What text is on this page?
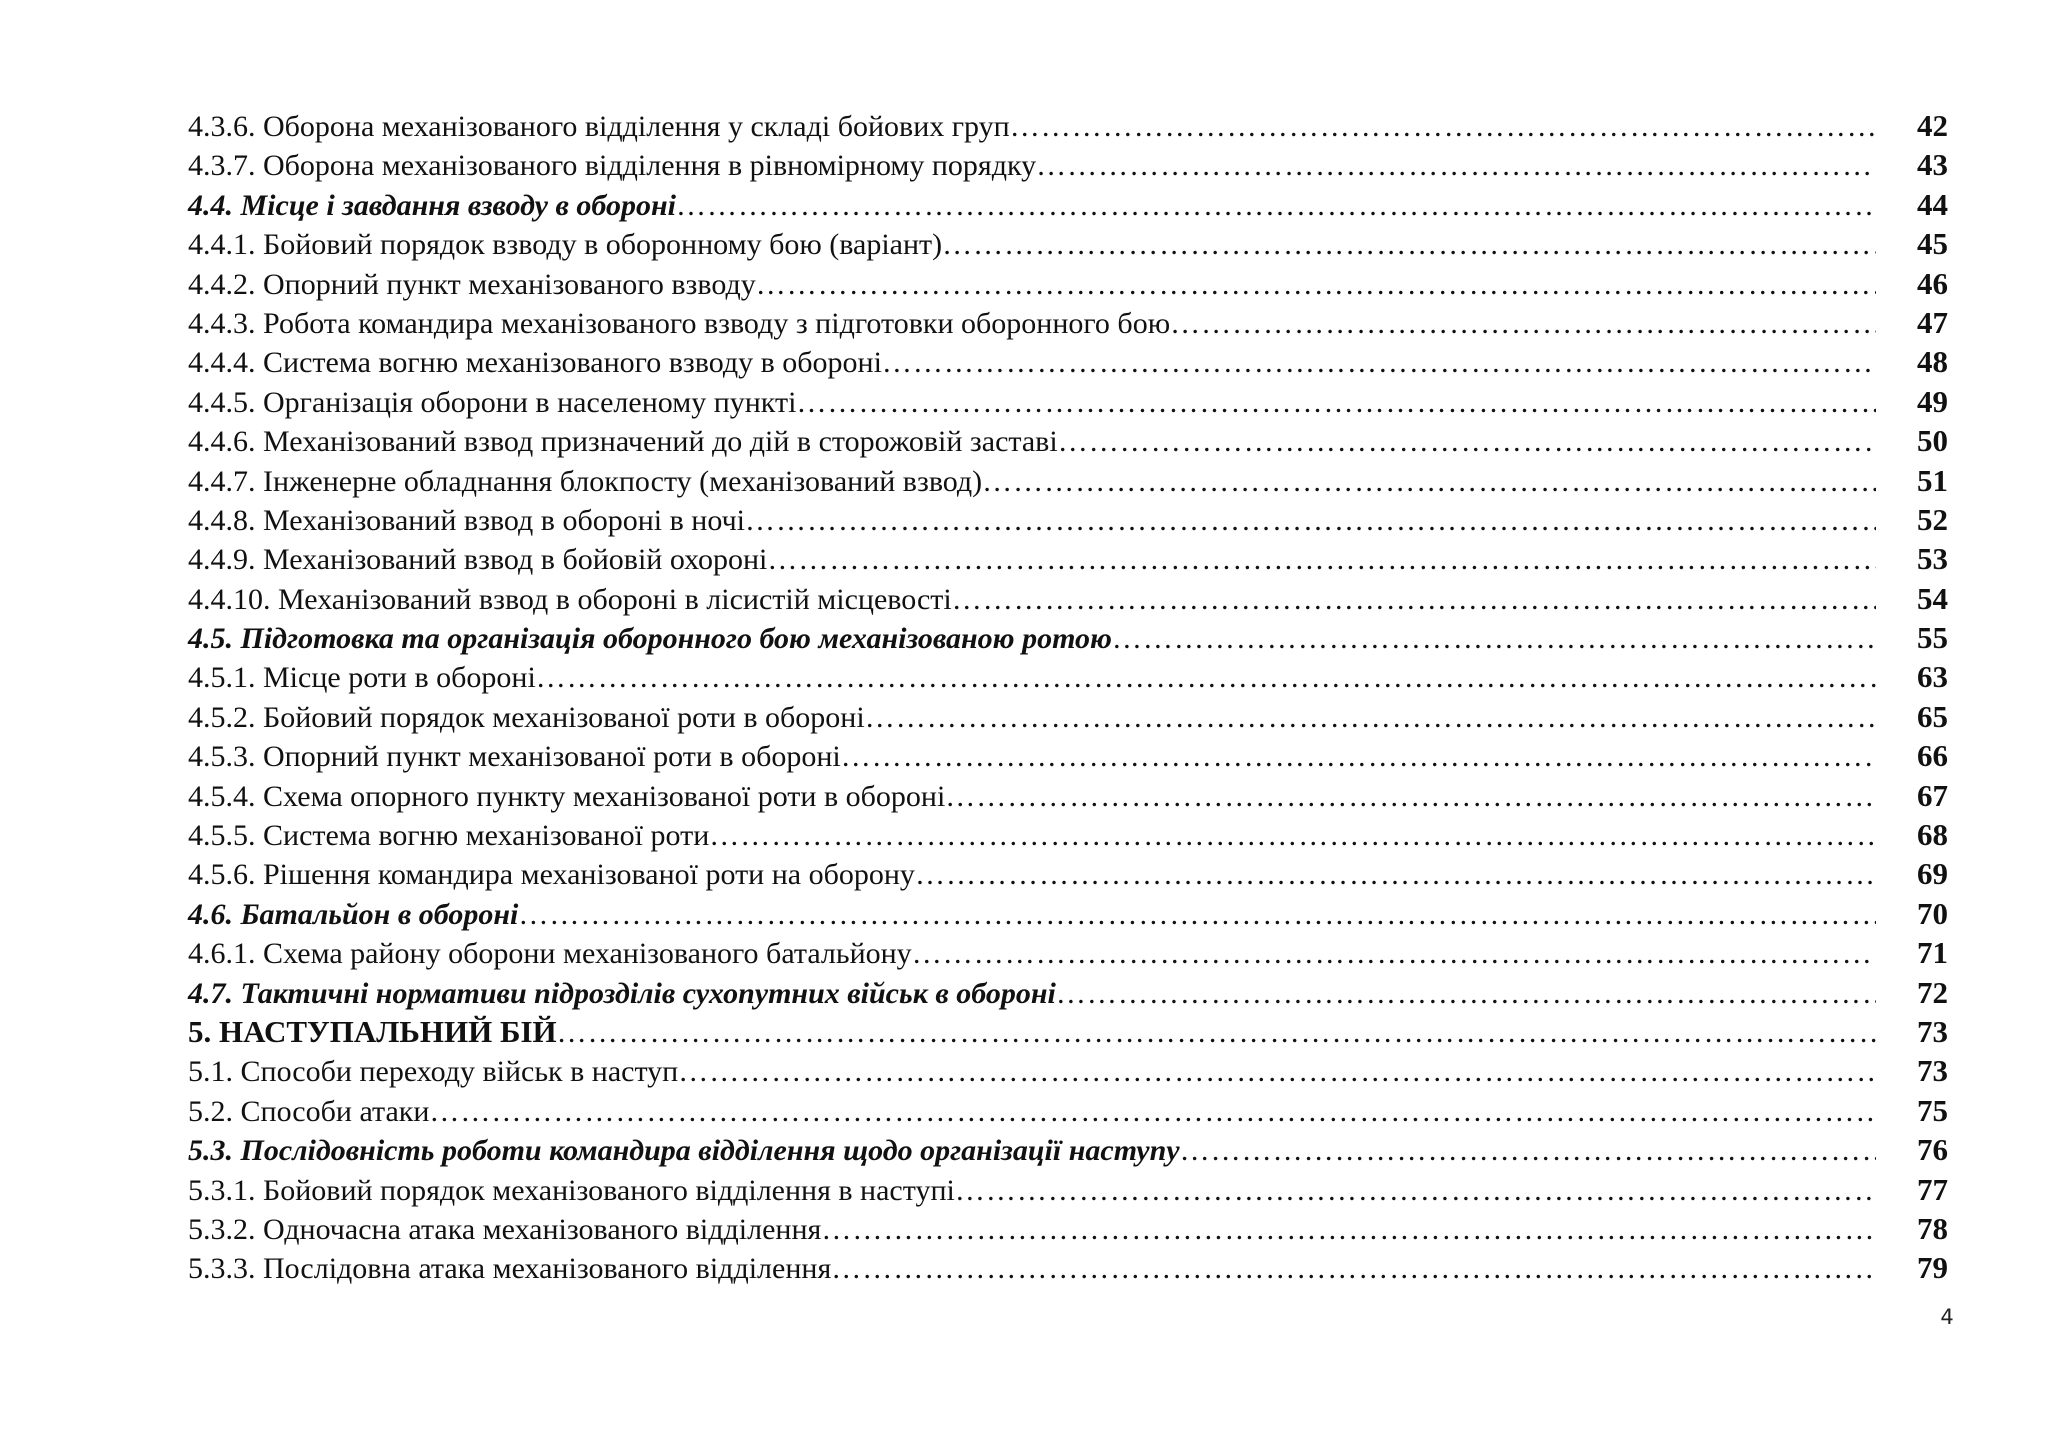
4.3.6. Оборона механізованого відділення у складі бойових груп ………………………………………………………………………………………………………………………………………………………………………………………………………………………	42
4.3.7. Оборона механізованого відділення в рівномірному порядку ………………………………………………………………………………………………………………………………………………………………………………………………………………………	43
4.4. Місце і завдання взводу в обороні ………………………………………………………………………………………………………………………………………………………………………………………………………………………	44
4.4.1. Бойовий порядок взводу в оборонному бою (варіант) ………………………………………………………………………………………………………………………………………………………………………………………………………………………	45
4.4.2. Опорний пункт механізованого взводу ………………………………………………………………………………………………………………………………………………………………………………………………………………………	46
4.4.3. Робота командира механізованого взводу з підготовки оборонного бою ………………………………………………………………………………………………………………………………………………………………………………………………………………………	47
4.4.4. Система вогню механізованого взводу в обороні ………………………………………………………………………………………………………………………………………………………………………………………………………………………	48
4.4.5. Організація оборони в населеному пункті ………………………………………………………………………………………………………………………………………………………………………………………………………………………	49
4.4.6. Механізований взвод призначений до дій в сторожовій заставі ………………………………………………………………………………………………………………………………………………………………………………………………………………………	50
4.4.7. Інженерне обладнання блокпосту (механізований взвод) ………………………………………………………………………………………………………………………………………………………………………………………………………………………	51
4.4.8. Механізований взвод в обороні в ночі ………………………………………………………………………………………………………………………………………………………………………………………………………………………	52
4.4.9. Механізований взвод в бойовій охороні ………………………………………………………………………………………………………………………………………………………………………………………………………………………	53
4.4.10. Механізований взвод в обороні в лісистій місцевості ………………………………………………………………………………………………………………………………………………………………………………………………………………………	54
4.5. Підготовка та організація оборонного бою механізованою ротою ………………………………………………………………………………………………………………………………………………………………………………………………………………………	55
4.5.1. Місце роти в обороні ………………………………………………………………………………………………………………………………………………………………………………………………………………………	63
4.5.2. Бойовий порядок механізованої роти в обороні ………………………………………………………………………………………………………………………………………………………………………………………………………………………	65
4.5.3. Опорний пункт механізованої роти в обороні ………………………………………………………………………………………………………………………………………………………………………………………………………………………	66
4.5.4. Схема опорного пункту механізованої роти в обороні ………………………………………………………………………………………………………………………………………………………………………………………………………………………	67
4.5.5. Система вогню механізованої роти ………………………………………………………………………………………………………………………………………………………………………………………………………………………	68
4.5.6. Рішення командира механізованої роти на оборону ………………………………………………………………………………………………………………………………………………………………………………………………………………………	69
4.6. Батальйон в обороні ………………………………………………………………………………………………………………………………………………………………………………………………………………………	70
4.6.1. Схема району оборони механізованого батальйону ………………………………………………………………………………………………………………………………………………………………………………………………………………………	71
4.7. Тактичні нормативи підрозділів сухопутних військ в обороні ………………………………………………………………………………………………………………………………………………………………………………………………………………………	72
5. НАСТУПАЛЬНИЙ БІЙ ………………………………………………………………………………………………………………………………………………………………………………………………………………………	73
5.1. Способи переходу військ в наступ ………………………………………………………………………………………………………………………………………………………………………………………………………………………	73
5.2. Способи атаки ………………………………………………………………………………………………………………………………………………………………………………………………………………………	75
5.3. Послідовність роботи командира відділення щодо організації наступу ………………………………………………………………………………………………………………………………………………………………………………………………………………………	76
5.3.1. Бойовий порядок механізованого відділення в наступі ………………………………………………………………………………………………………………………………………………………………………………………………………………………	77
5.3.2. Одночасна атака механізованого відділення ………………………………………………………………………………………………………………………………………………………………………………………………………………………	78
5.3.3. Послідовна атака механізованого відділення ………………………………………………………………………………………………………………………………………………………………………………………………………………………	79
4
